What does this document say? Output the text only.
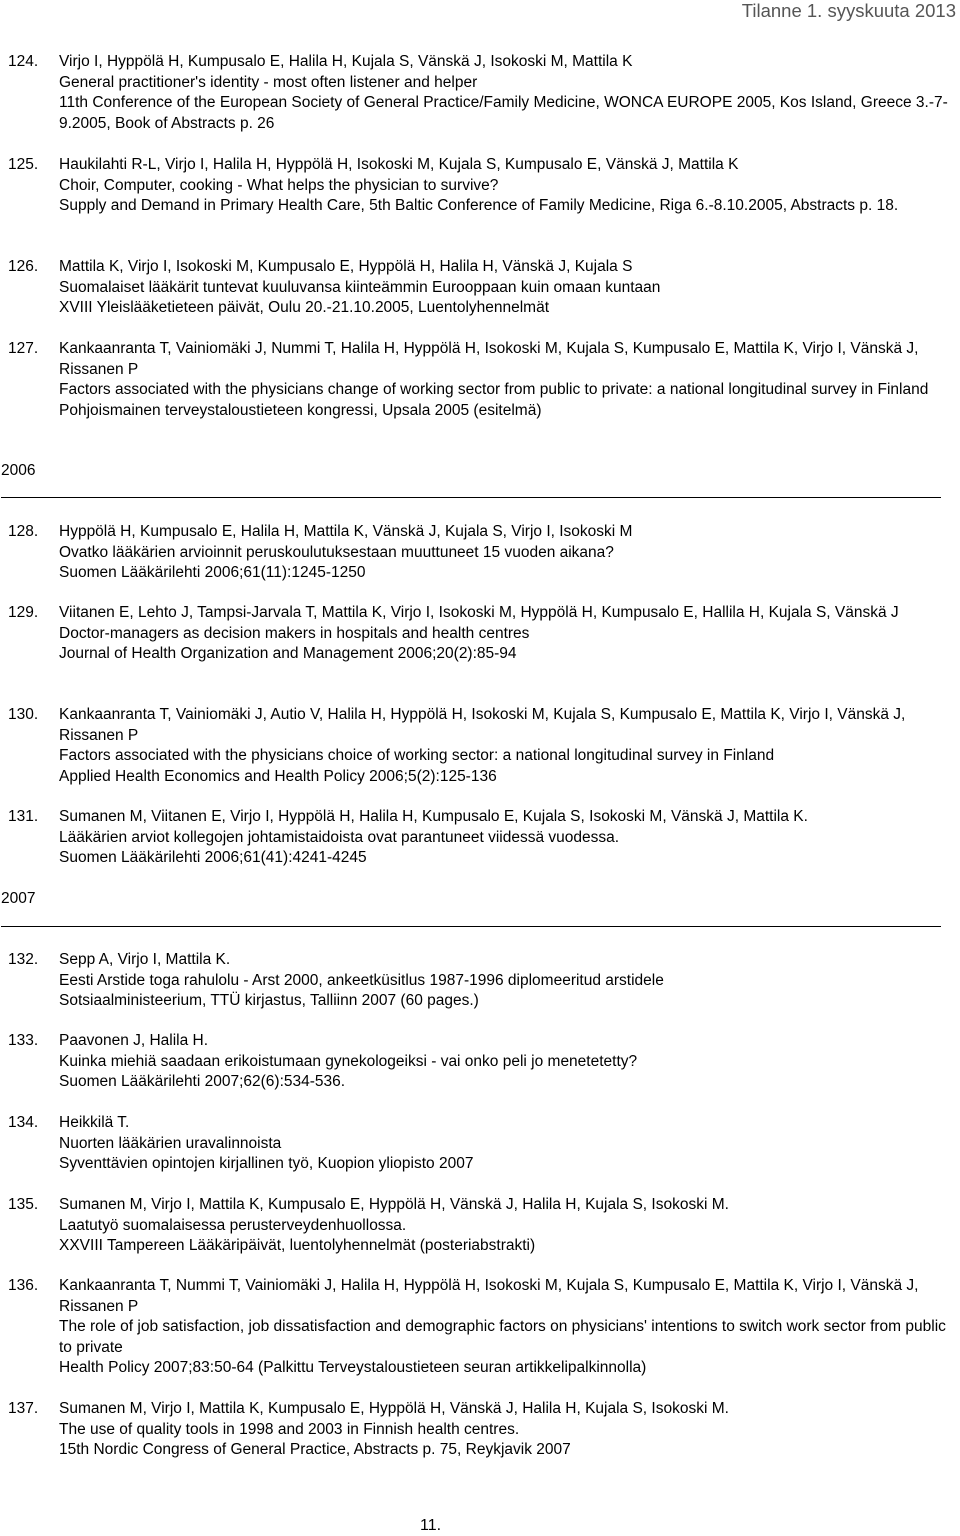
Tilanne 1. syyskuuta 2013
124. Virjo I, Hyppölä H, Kumpusalo E, Halila H, Kujala S, Vänskä J, Isokoski M, Mattila K
General practitioner's identity - most often listener and helper
11th Conference of the European Society of General Practice/Family Medicine, WONCA EUROPE 2005, Kos Island, Greece 3.-7-9.2005, Book of Abstracts p. 26
125. Haukilahti R-L, Virjo I, Halila H, Hyppölä H, Isokoski M, Kujala S, Kumpusalo E, Vänskä J, Mattila K
Choir, Computer, cooking - What helps the physician to survive?
Supply and Demand in Primary Health Care, 5th Baltic Conference of Family Medicine, Riga 6.-8.10.2005, Abstracts p. 18.
126. Mattila K, Virjo I, Isokoski M, Kumpusalo E, Hyppölä H, Halila H, Vänskä J, Kujala S
Suomalaiset lääkärit tuntevat kuuluvansa kiinteämmin Eurooppaan kuin omaan kuntaan
XVIII Yleislääketieteen päivät, Oulu 20.-21.10.2005, Luentolyhennelmät
127. Kankaanranta T, Vainiomäki J, Nummi T, Halila H, Hyppölä H, Isokoski M, Kujala S, Kumpusalo E, Mattila K, Virjo I, Vänskä J, Rissanen P
Factors associated with the physicians change of working sector from public to private: a national longitudinal survey in Finland
Pohjoismainen terveystaloustieteen kongressi, Upsala 2005 (esitelmä)
2006
128. Hyppölä H, Kumpusalo E, Halila H, Mattila K, Vänskä J, Kujala S, Virjo I, Isokoski M
Ovatko lääkärien arvioinnit peruskoulutuksestaan muuttuneet 15 vuoden aikana?
Suomen Lääkärilehti 2006;61(11):1245-1250
129. Viitanen E, Lehto J, Tampsi-Jarvala T, Mattila K, Virjo I, Isokoski M, Hyppölä H, Kumpusalo E, Hallila H, Kujala S, Vänskä J
Doctor-managers as decision makers in hospitals and health centres
Journal of Health Organization and Management 2006;20(2):85-94
130. Kankaanranta T, Vainiomäki J, Autio V, Halila H, Hyppölä H, Isokoski M, Kujala S, Kumpusalo E, Mattila K, Virjo I, Vänskä J, Rissanen P
Factors associated with the physicians choice of working sector: a national longitudinal survey in Finland
Applied Health Economics and Health Policy 2006;5(2):125-136
131. Sumanen M, Viitanen E, Virjo I, Hyppölä H, Halila H, Kumpusalo E, Kujala S, Isokoski M, Vänskä J, Mattila K.
Lääkärien arviot kollegojen johtamistaidoista ovat parantuneet viidessä vuodessa.
Suomen Lääkärilehti 2006;61(41):4241-4245
2007
132. Sepp A, Virjo I, Mattila K.
Eesti Arstide toga rahulolu - Arst 2000, ankeetküsitlus 1987-1996 diplomeeritud arstidele
Sotsiaalministeerium, TTÜ kirjastus, Talliinn 2007 (60 pages.)
133. Paavonen J, Halila H.
Kuinka miehiä saadaan erikoistumaan gynekologeiksi - vai onko peli jo menetetetty?
Suomen Lääkärilehti 2007;62(6):534-536.
134. Heikkilä T.
Nuorten lääkärien uravalinnoista
Syventtävien opintojen kirjallinen työ, Kuopion yliopisto 2007
135. Sumanen M, Virjo I, Mattila K, Kumpusalo E, Hyppölä H, Vänskä J, Halila H, Kujala S, Isokoski M.
Laatutyö suomalaisessa perusterveydenhuollossa.
XXVIII Tampereen Lääkäripäivät, luentolyhennelmät (posteriabstrakti)
136. Kankaanranta T, Nummi T, Vainiomäki J, Halila H, Hyppölä H, Isokoski M, Kujala S, Kumpusalo E, Mattila K, Virjo I, Vänskä J, Rissanen P
The role of job satisfaction, job dissatisfaction and demographic factors on physicians' intentions to switch work sector from public to private
Health Policy 2007;83:50-64 (Palkittu Terveystaloustieteen seuran artikkelipalkinnolla)
137. Sumanen M, Virjo I, Mattila K, Kumpusalo E, Hyppölä H, Vänskä J, Halila H, Kujala S, Isokoski M.
The use of quality tools in 1998 and 2003 in Finnish health centres.
15th Nordic Congress of General Practice, Abstracts p. 75, Reykjavik 2007
11.
